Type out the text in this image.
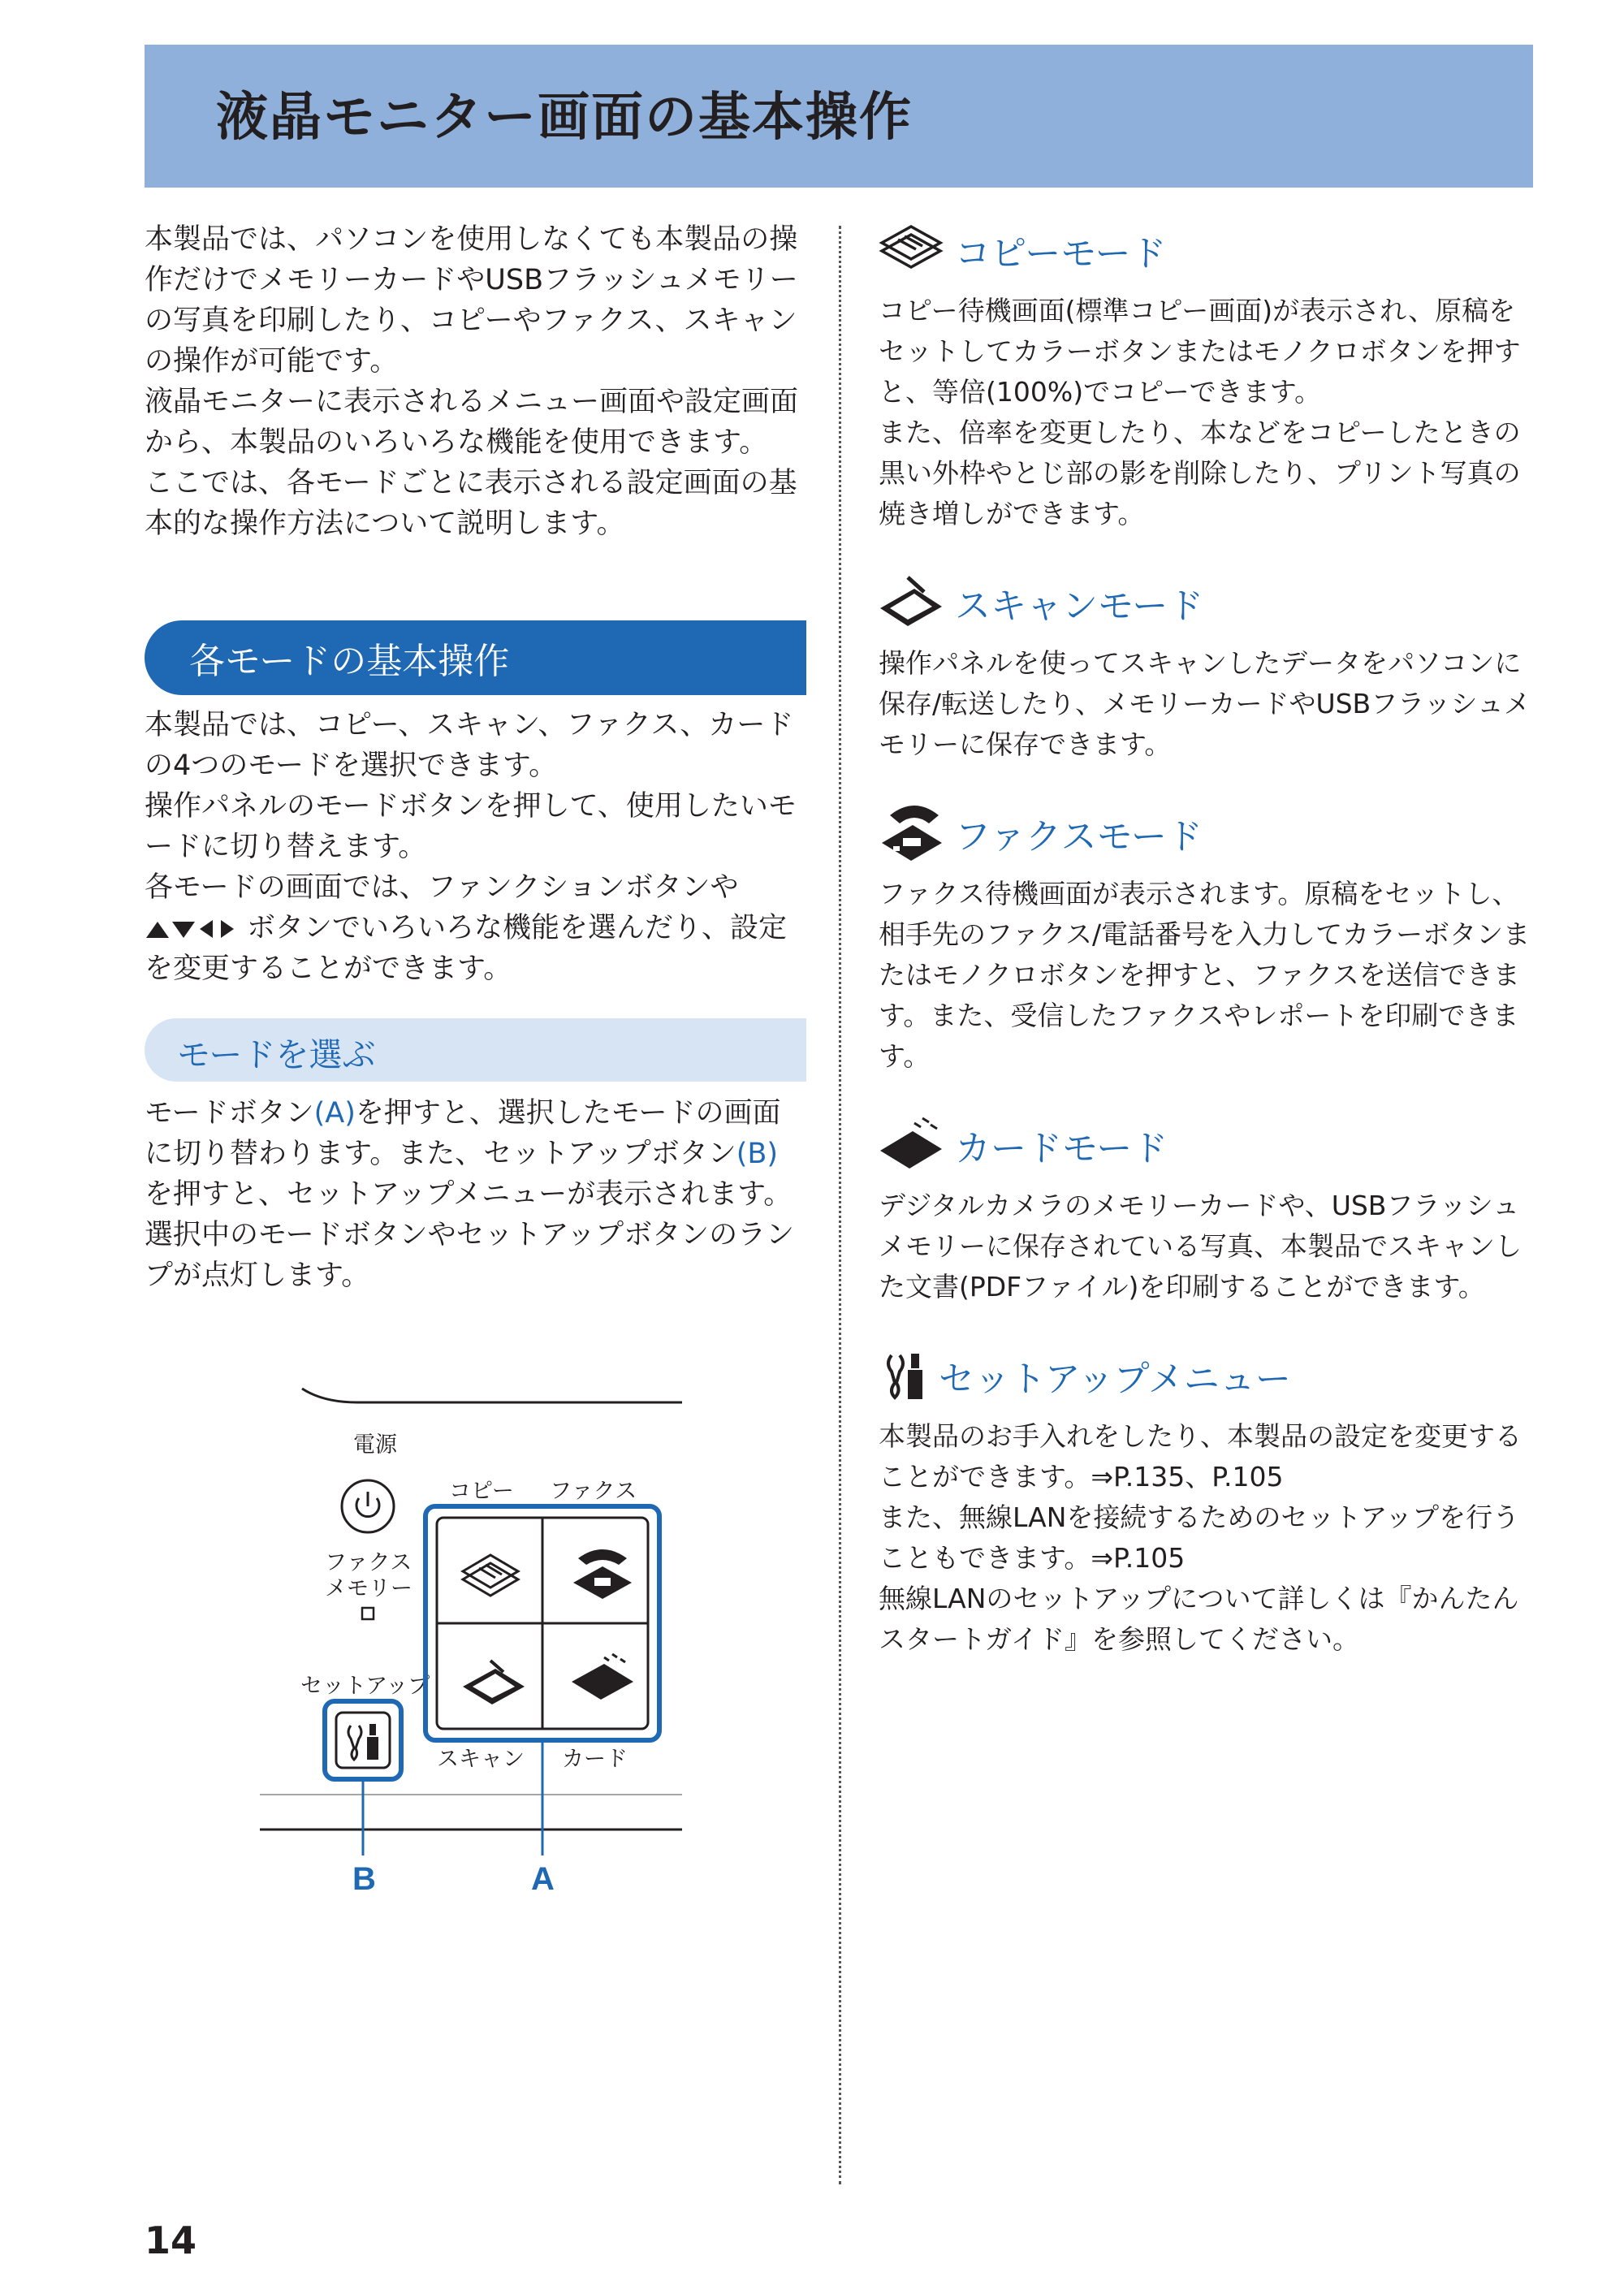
液晶モニター画面の基本操作

本製品では、パソコンを使用しなくても本製品の操作だけでメモリーカードやUSBフラッシュメモリーの写真を印刷したり、コピーやファクス、スキャンの操作が可能です。

液晶モニターに表示されるメニュー画面や設定画面から、本製品のいろいろな機能を使用できます。

ここでは、各モードごとに表示される設定画面の基本的な操作方法について説明します。

各モードの基本操作

本製品では、コピー、スキャン、ファクス、カードの4つのモードを選択できます。

操作パネルのモードボタンを押して、使用したいモードに切り替えます。

各モードの画面では、ファンクションボタンやボタンでいろいろな機能を選んだり、設定を変更することができます。

モードを選ぶ

モードボタン(A)を押すと、選択したモードの画面に切り替わります。また、セットアップボタン(B)を押すと、セットアップメニューが表示されます。選択中のモードボタンやセットアップボタンのランプが点灯します。

電源
ファクス
メモリー
セットアップ
コピー ファクス
スキャン カード
B	A
コピーモード

コピー待機画面(標準コピー画面)が表示され、原稿をセットしてカラーボタンまたはモノクロボタンを押すと、等倍(100%)でコピーできます。

また、倍率を変更したり、本などをコピーしたときの黒い外枠やとじ部の影を削除したり、プリント写真の焼き増しができます。

スキャンモード

操作パネルを使ってスキャンしたデータをパソコンに保存/転送したり、メモリーカードやUSBフラッシュメモリーに保存できます。

ファクスモード

ファクス待機画面が表示されます。原稿をセットし、相手先のファクス/電話番号を入力してカラーボタンまたはモノクロボタンを押すと、ファクスを送信できます。また、受信したファクスやレポートを印刷できます。

カードモード

デジタルカメラのメモリーカードや、USBフラッシュメモリーに保存されている写真、本製品でスキャンした文書(PDFファイル)を印刷することができます。

セットアップメニュー

本製品のお手入れをしたり、本製品の設定を変更することができます。⇒P.135、P.105

また、無線LANを接続するためのセットアップを行うこともできます。⇒P.105

無線LANのセットアップについて詳しくは『かんたんスタートガイド』を参照してください。

14
